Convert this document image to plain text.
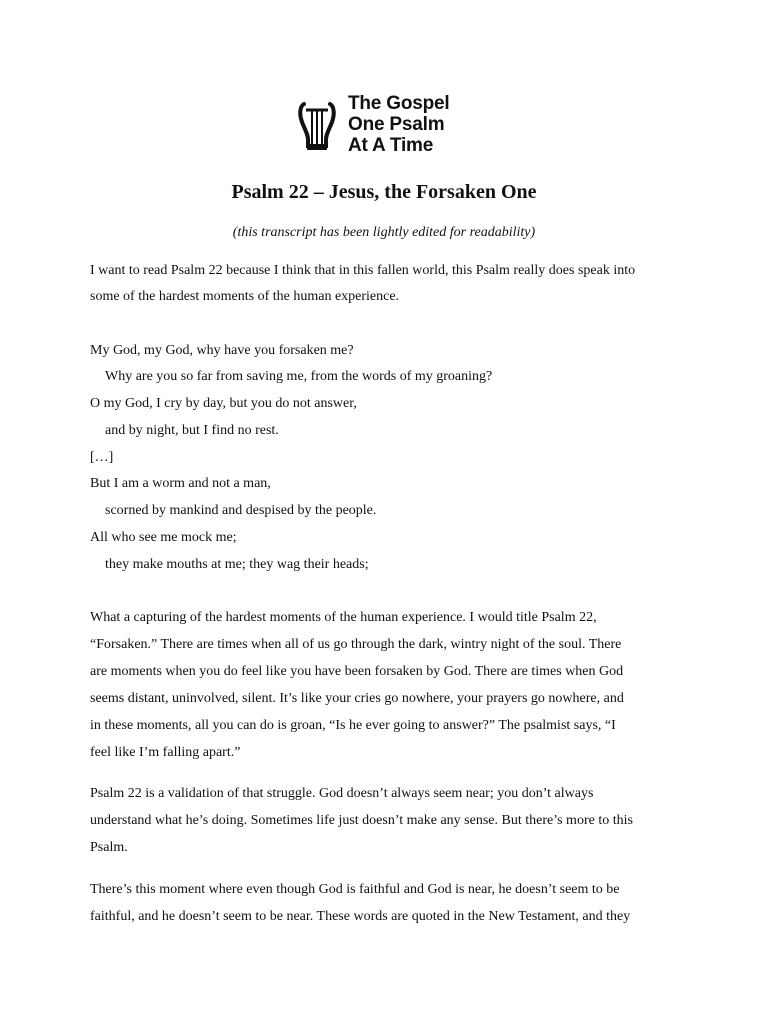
The Gospel
One Psalm
At A Time
Psalm 22 – Jesus, the Forsaken One
(this transcript has been lightly edited for readability)
I want to read Psalm 22 because I think that in this fallen world, this Psalm really does speak into
some of the hardest moments of the human experience.
My God, my God, why have you forsaken me?
Why are you so far from saving me, from the words of my groaning?
O my God, I cry by day, but you do not answer,
and by night, but I find no rest.
[…]
But I am a worm and not a man,
scorned by mankind and despised by the people.
All who see me mock me;
they make mouths at me; they wag their heads;
What a capturing of the hardest moments of the human experience. I would title Psalm 22,
“Forsaken.” There are times when all of us go through the dark, wintry night of the soul. There
are moments when you do feel like you have been forsaken by God. There are times when God
seems distant, uninvolved, silent. It’s like your cries go nowhere, your prayers go nowhere, and
in these moments, all you can do is groan, “Is he ever going to answer?” The psalmist says, “I
feel like I’m falling apart.”
Psalm 22 is a validation of that struggle. God doesn’t always seem near; you don’t always
understand what he’s doing. Sometimes life just doesn’t make any sense. But there’s more to this
Psalm.
There’s this moment where even though God is faithful and God is near, he doesn’t seem to be
faithful, and he doesn’t seem to be near. These words are quoted in the New Testament, and they
